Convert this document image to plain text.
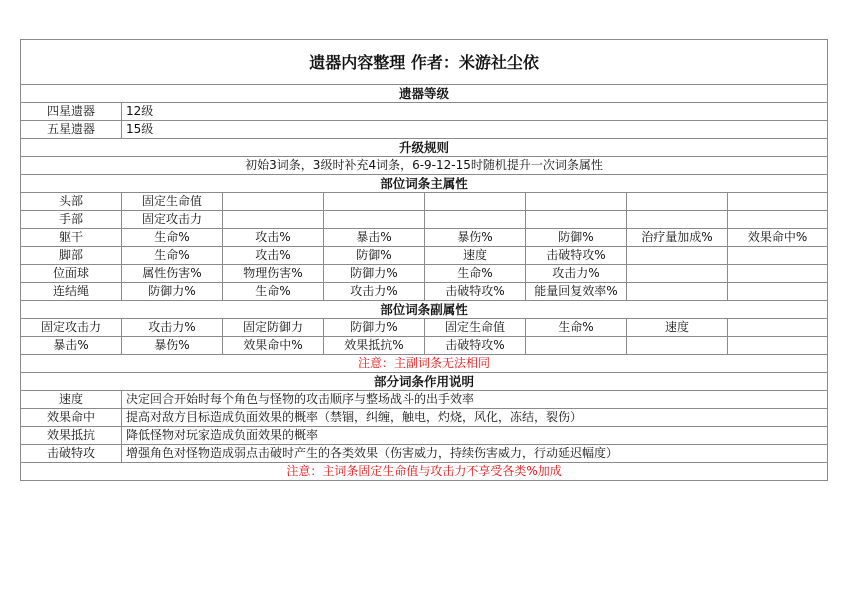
遗器内容整理 作者：米游社尘依							
遗器等级							
四星遗器	12级						
五星遗器	15级						
升级规则							
初始3词条，3级时补充4词条，6-9-12-15时随机提升一次词条属性							
部位词条主属性							
头部	固定生命值						
手部	固定攻击力						
躯干	生命%	攻击%	暴击%	暴伤%	防御%	治疗量加成%	效果命中%
脚部	生命%	攻击%	防御%	速度	击破特攻%		
位面球	属性伤害%	物理伤害%	防御力%	生命%	攻击力%		
连结绳	防御力%	生命%	攻击力%	击破特攻%	能量回复效率%		
部位词条副属性							
固定攻击力	攻击力%	固定防御力	防御力%	固定生命值	生命%	速度	
暴击%	暴伤%	效果命中%	效果抵抗%	击破特攻%			
注意：主副词条无法相同							
部分词条作用说明							
速度	决定回合开始时每个角色与怪物的攻击顺序与整场战斗的出手效率						
效果命中	提高对敌方目标造成负面效果的概率（禁锢，纠缠，触电，灼烧，风化，冻结，裂伤）						
效果抵抗	降低怪物对玩家造成负面效果的概率						
击破特攻	增强角色对怪物造成弱点击破时产生的各类效果（伤害威力，持续伤害威力，行动延迟幅度）						
注意：主词条固定生命值与攻击力不享受各类%加成							
